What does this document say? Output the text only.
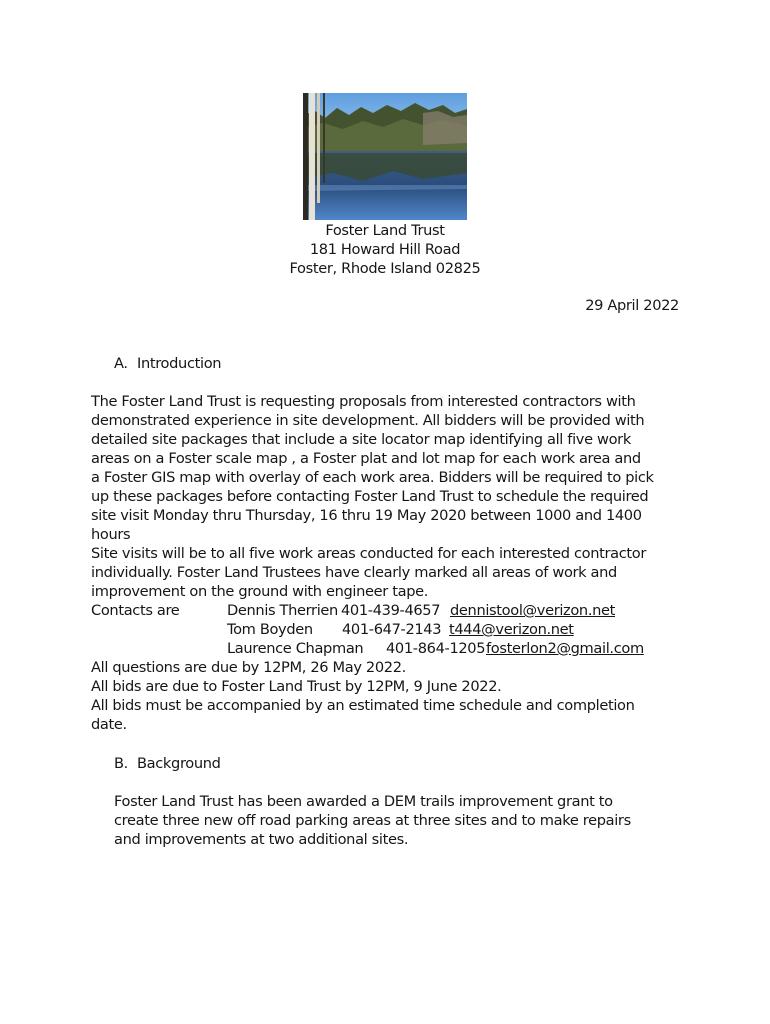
Foster Land Trust
181 Howard Hill Road
Foster, Rhode Island 02825
29 April 2022
A. Introduction
The Foster Land Trust is requesting proposals from interested contractors with
demonstrated experience in site development. All bidders will be provided with
detailed site packages that include a site locator map identifying all five work
areas on a Foster scale map , a Foster plat and lot map for each work area and
a Foster GIS map with overlay of each work area. Bidders will be required to pick
up these packages before contacting Foster Land Trust to schedule the required
site visit Monday thru Thursday, 16 thru 19 May 2020 between 1000 and 1400
hours
Site visits will be to all five work areas conducted for each interested contractor
individually. Foster Land Trustees have clearly marked all areas of work and
improvement on the ground with engineer tape.
Contacts are	Dennis Therrien 401-439-4657 dennistool@verizon.net
Tom Boyden 401-647-2143 t444@verizon.net
Laurence Chapman 401-864-1205 fosterlon2@gmail.com
All questions are due by 12PM, 26 May 2022.
All bids are due to Foster Land Trust by 12PM, 9 June 2022.
All bids must be accompanied by an estimated time schedule and completion
date.
B. Background
Foster Land Trust has been awarded a DEM trails improvement grant to
create three new off road parking areas at three sites and to make repairs
and improvements at two additional sites.
